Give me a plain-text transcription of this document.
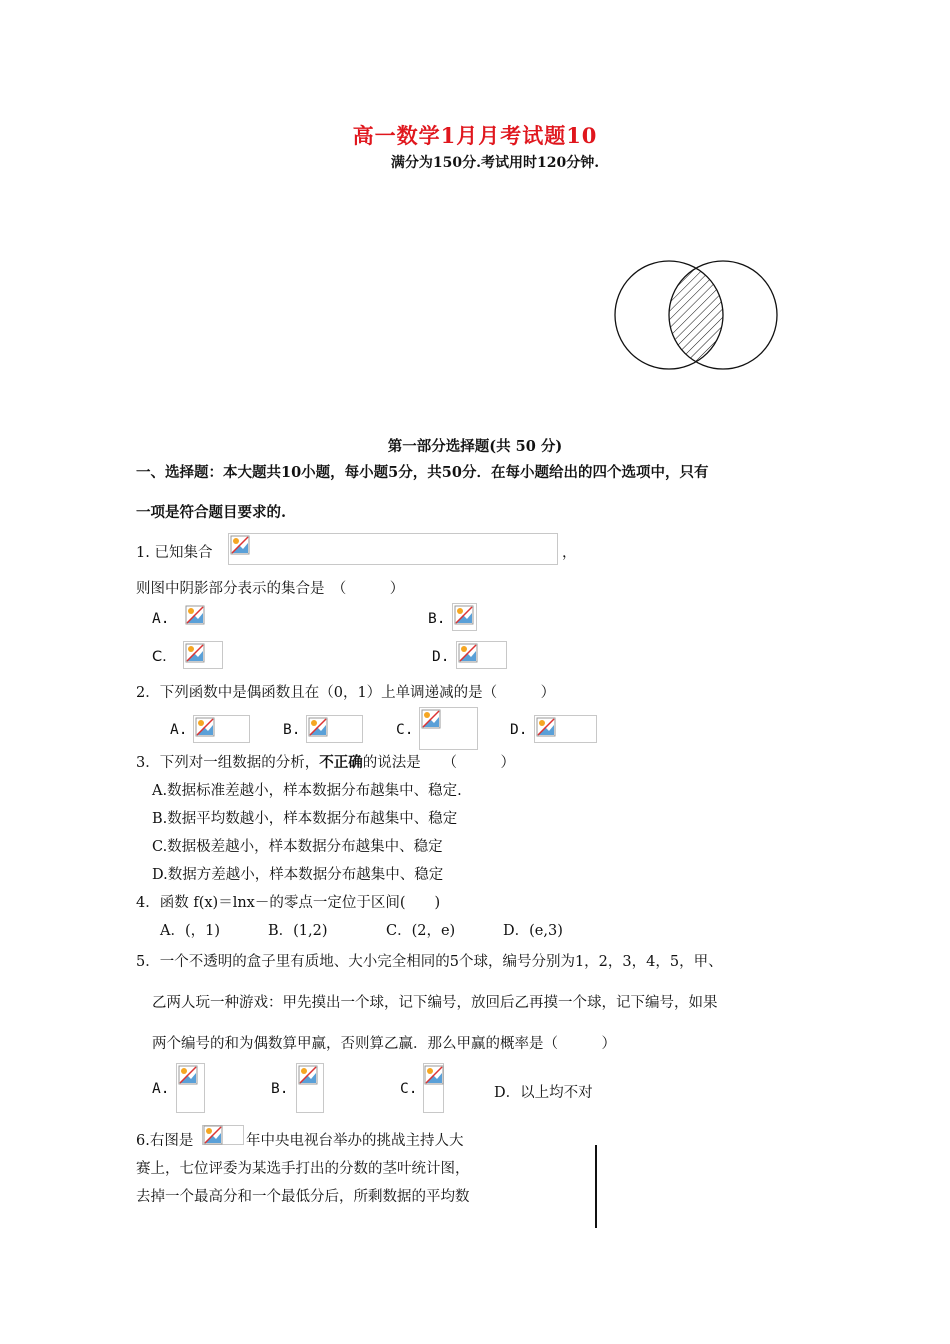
高一数学1月月考试题10
满分为150分.考试用时120分钟.
第一部分选择题(共 50 分)
一、选择题：本大题共10小题，每小题5分，共50分．在每小题给出的四个选项中，只有
一项是符合题目要求的.
1. 已知集合	，
则图中阴影部分表示的集合是　（　　　）
A.	B.
C.	D.
2．下列函数中是偶函数且在（0，1）上单调递减的是（　　　）
A.	B.	C.	D.
3．下列对一组数据的分析，不正确的说法是　　（　　　）
A.数据标准差越小，样本数据分布越集中、稳定.
B.数据平均数越小，样本数据分布越集中、稳定
C.数据极差越小，样本数据分布越集中、稳定
D.数据方差越小，样本数据分布越集中、稳定
4．函数 f(x)＝lnx－的零点一定位于区间(　　)
A．(，1)	B．(1,2)	C．(2，e)	D．(e,3)
5．一个不透明的盒子里有质地、大小完全相同的5个球，编号分别为1，2，3，4，5，甲、
乙两人玩一种游戏：甲先摸出一个球，记下编号，放回后乙再摸一个球，记下编号，如果
两个编号的和为偶数算甲赢，否则算乙赢．那么甲赢的概率是（　　　）
A.	B.	C.	D．以上均不对
6.右图是	年中央电视台举办的挑战主持人大
赛上，七位评委为某选手打出的分数的茎叶统计图，
去掉一个最高分和一个最低分后，所剩数据的平均数
